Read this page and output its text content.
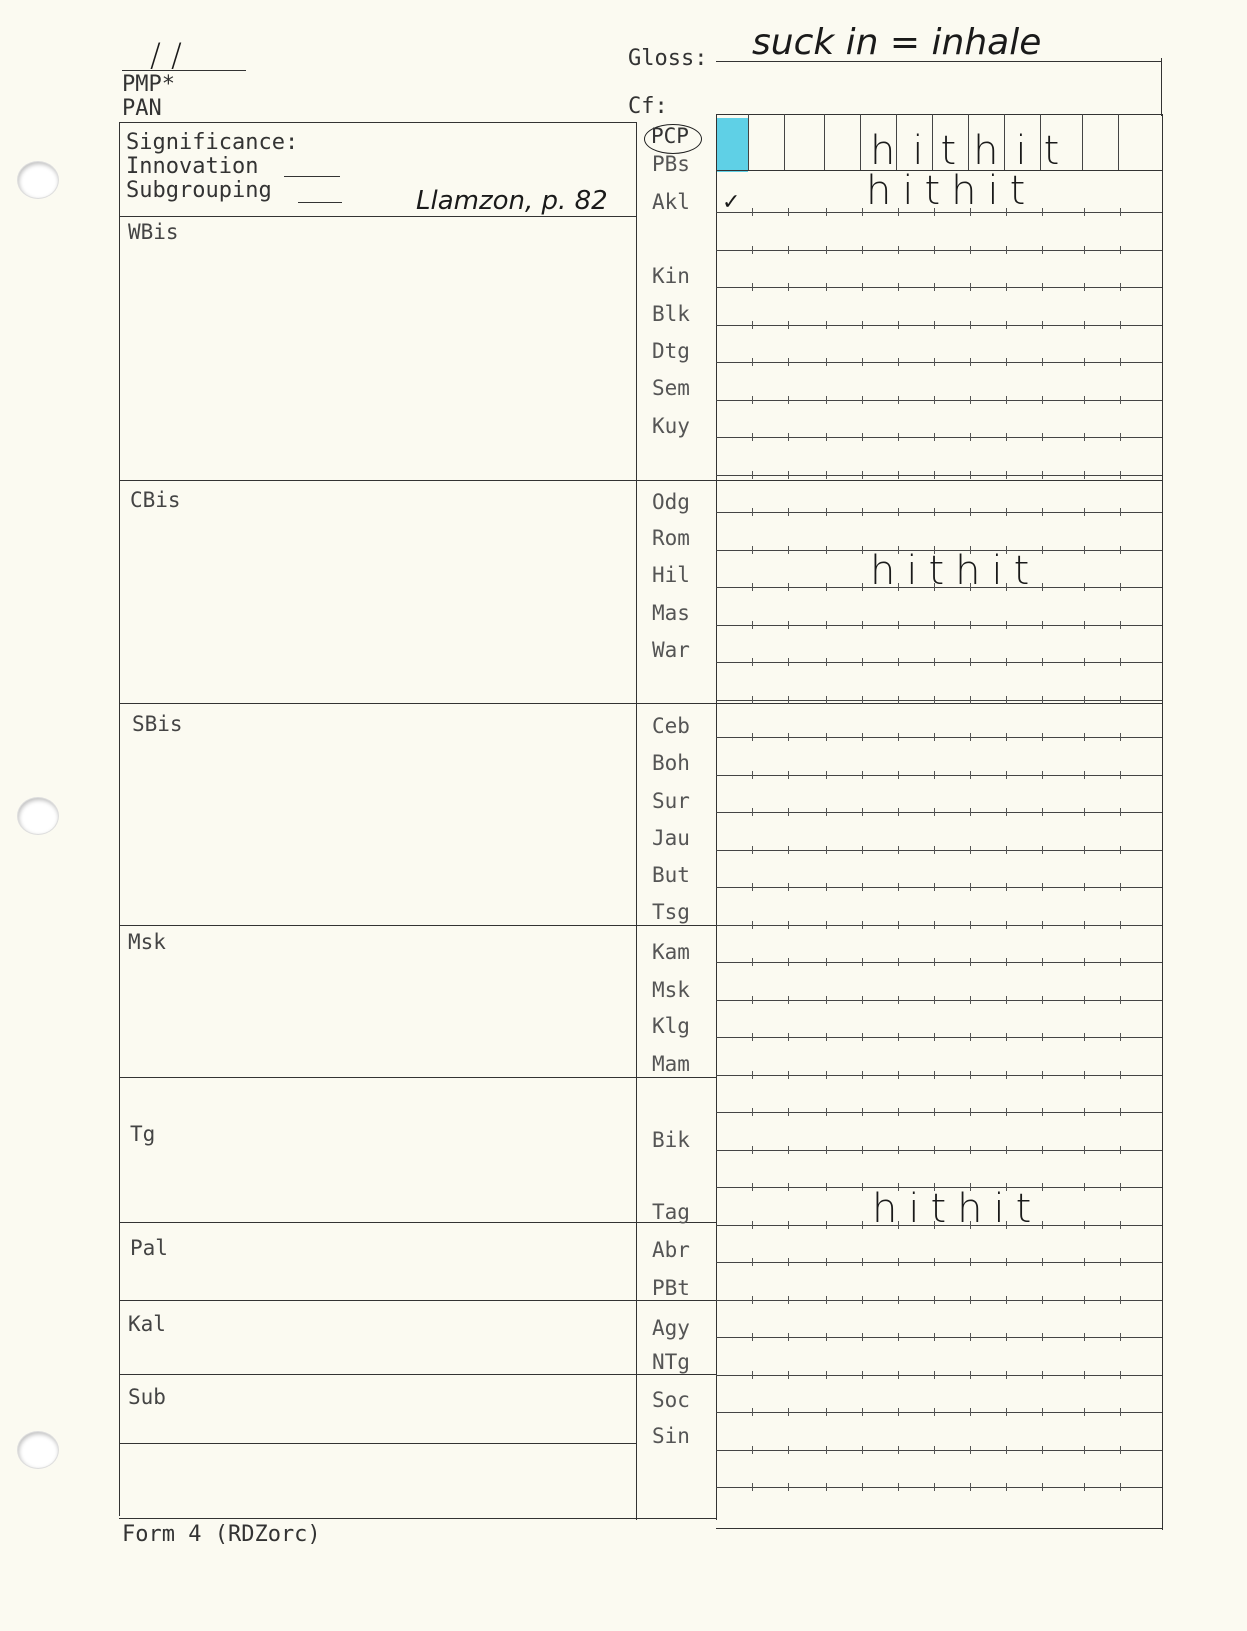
/ /
PMP*
PAN
Gloss: suck in = inhale
Cf:
Significance:
Innovation
Subgrouping	Llamzon, p. 82
WBis
CBis
SBis
Msk
Tg
Pal
Kal
Sub
PCP
PBs
Akl
Kin
Blk
Dtg
Sem
Kuy
Odg
Rom
Hil
Mas
War
Ceb
Boh
Sur
Jau
But
Tsg
Kam
Msk
Klg
Mam
Bik
Tag
Abr
PBt
Agy
NTg
Soc
Sin
hithit
✓	hithit
hithit
hithit
Form 4 (RDZorc)
